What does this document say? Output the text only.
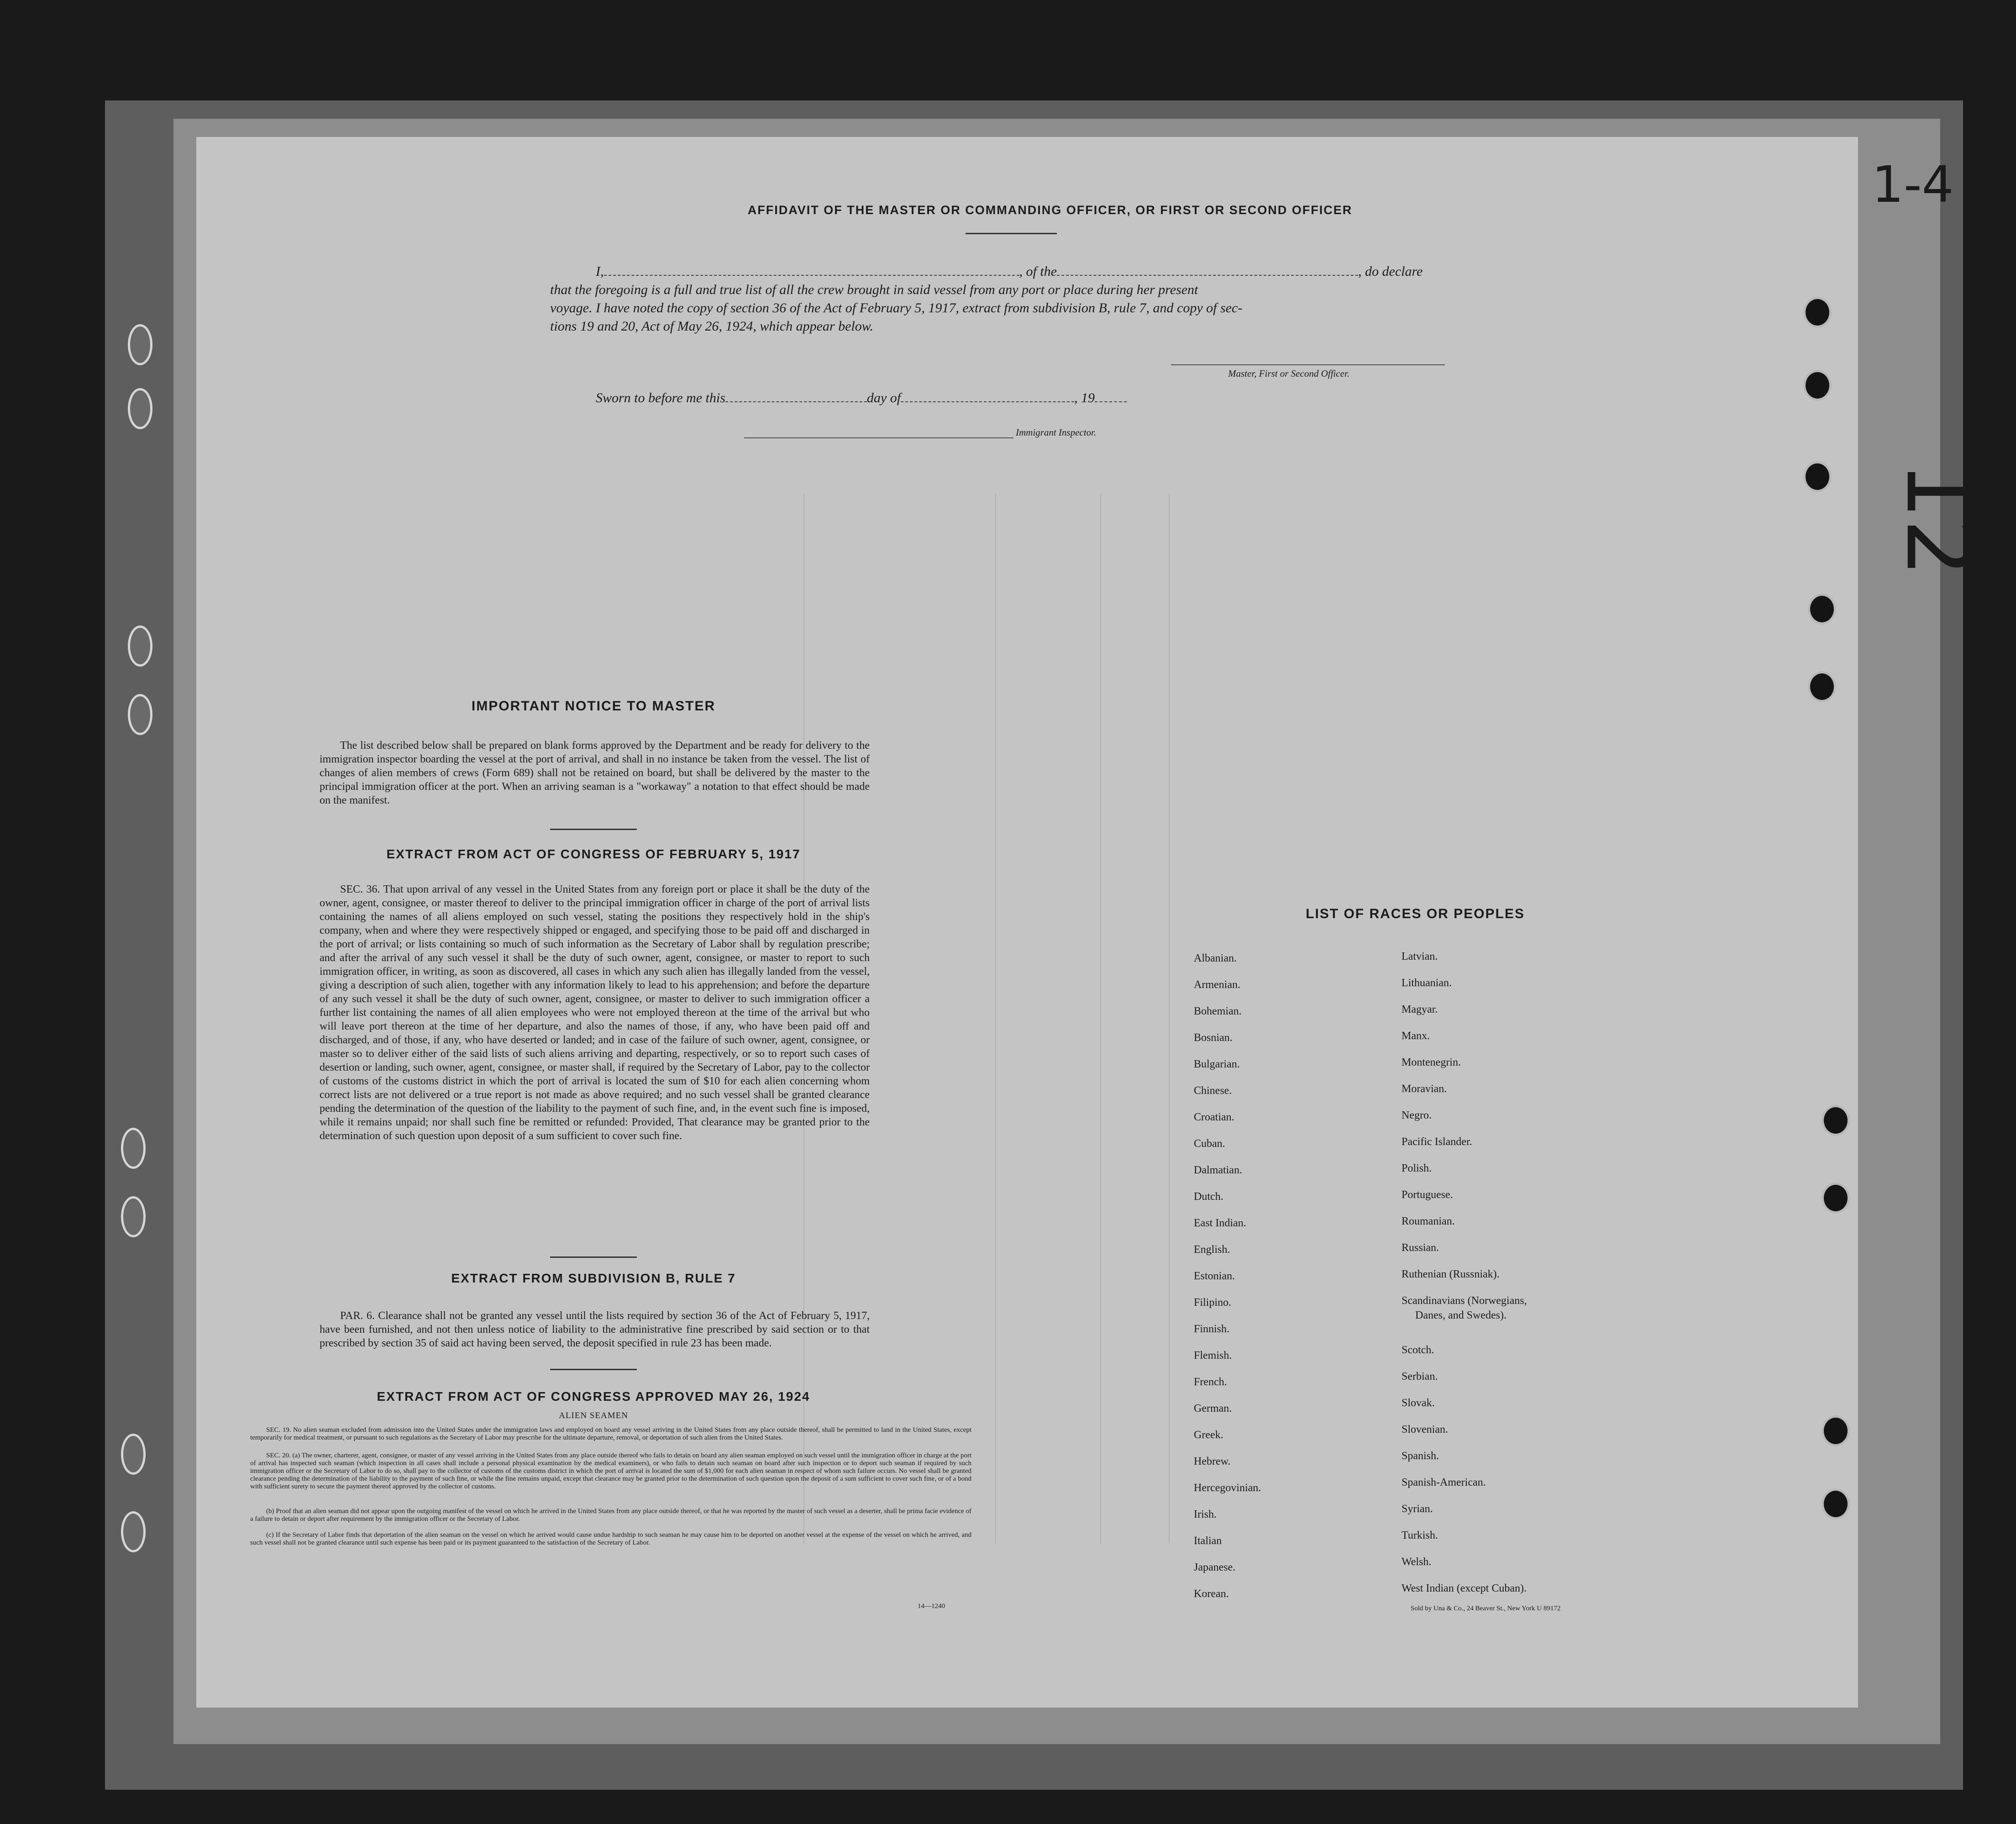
1-4
12
AFFIDAVIT OF THE MASTER OR COMMANDING OFFICER, OR FIRST OR SECOND OFFICER
I,	, of the	, do declare
that the foregoing is a full and true list of all the crew brought in said vessel from any port or place during her present
voyage. I have noted the copy of section 36 of the Act of February 5, 1917, extract from subdivision B, rule 7, and copy of sec-
tions 19 and 20, Act of May 26, 1924, which appear below.
Master, First or Second Officer.
Sworn to before me this	day of	, 19
Immigrant Inspector.
IMPORTANT NOTICE TO MASTER
The list described below shall be prepared on blank forms approved by the Department and be ready for delivery to the immigration inspector boarding the vessel at the port of arrival, and shall in no instance be taken from the vessel. The list of changes of alien members of crews (Form 689) shall not be retained on board, but shall be delivered by the master to the principal immigration officer at the port. When an arriving seaman is a "workaway" a notation to that effect should be made on the manifest.
EXTRACT FROM ACT OF CONGRESS OF FEBRUARY 5, 1917
SEC. 36. That upon arrival of any vessel in the United States from any foreign port or place it shall be the duty of the owner, agent, consignee, or master thereof to deliver to the principal immigration officer in charge of the port of arrival lists containing the names of all aliens employed on such vessel, stating the positions they respectively hold in the ship's company, when and where they were respectively shipped or engaged, and specifying those to be paid off and discharged in the port of arrival; or lists containing so much of such information as the Secretary of Labor shall by regulation prescribe; and after the arrival of any such vessel it shall be the duty of such owner, agent, consignee, or master to report to such immigration officer, in writing, as soon as discovered, all cases in which any such alien has illegally landed from the vessel, giving a description of such alien, together with any information likely to lead to his apprehension; and before the departure of any such vessel it shall be the duty of such owner, agent, consignee, or master to deliver to such immigration officer a further list containing the names of all alien employees who were not employed thereon at the time of the arrival but who will leave port thereon at the time of her departure, and also the names of those, if any, who have been paid off and discharged, and of those, if any, who have deserted or landed; and in case of the failure of such owner, agent, consignee, or master so to deliver either of the said lists of such aliens arriving and departing, respectively, or so to report such cases of desertion or landing, such owner, agent, consignee, or master shall, if required by the Secretary of Labor, pay to the collector of customs of the customs district in which the port of arrival is located the sum of $10 for each alien concerning whom correct lists are not delivered or a true report is not made as above required; and no such vessel shall be granted clearance pending the determination of the question of the liability to the payment of such fine, and, in the event such fine is imposed, while it remains unpaid; nor shall such fine be remitted or refunded: Provided, That clearance may be granted prior to the determination of such question upon deposit of a sum sufficient to cover such fine.
EXTRACT FROM SUBDIVISION B, RULE 7
PAR. 6. Clearance shall not be granted any vessel until the lists required by section 36 of the Act of February 5, 1917, have been furnished, and not then unless notice of liability to the administrative fine prescribed by said section or to that prescribed by section 35 of said act having been served, the deposit specified in rule 23 has been made.
EXTRACT FROM ACT OF CONGRESS APPROVED MAY 26, 1924
ALIEN SEAMEN
SEC. 19. No alien seaman excluded from admission into the United States under the immigration laws and employed on board any vessel arriving in the United States from any place outside thereof, shall be permitted to land in the United States, except temporarily for medical treatment, or pursuant to such regulations as the Secretary of Labor may prescribe for the ultimate departure, removal, or deportation of such alien from the United States.
SEC. 20. (a) The owner, charterer, agent, consignee, or master of any vessel arriving in the United States from any place outside thereof who fails to detain on board any alien seaman employed on such vessel until the immigration officer in charge at the port of arrival has inspected such seaman (which inspection in all cases shall include a personal physical examination by the medical examiners), or who fails to detain such seaman on board after such inspection or to deport such seaman if required by such immigration officer or the Secretary of Labor to do so, shall pay to the collector of customs of the customs district in which the port of arrival is located the sum of $1,000 for each alien seaman in respect of whom such failure occurs. No vessel shall be granted clearance pending the determination of the liability to the payment of such fine, or while the fine remains unpaid, except that clearance may be granted prior to the determination of such question upon the deposit of a sum sufficient to cover such fine, or of a bond with sufficient surety to secure the payment thereof approved by the collector of customs.
(b) Proof that an alien seaman did not appear upon the outgoing manifest of the vessel on which he arrived in the United States from any place outside thereof, or that he was reported by the master of such vessel as a deserter, shall be prima facie evidence of a failure to detain or deport after requirement by the immigration officer or the Secretary of Labor.
(c) If the Secretary of Labor finds that deportation of the alien seaman on the vessel on which he arrived would cause undue hardship to such seaman he may cause him to be deported on another vessel at the expense of the vessel on which he arrived, and such vessel shall not be granted clearance until such expense has been paid or its payment guaranteed to the satisfaction of the Secretary of Labor.
14—1240
LIST OF RACES OR PEOPLES
Albanian.
Armenian.
Bohemian.
Bosnian.
Bulgarian.
Chinese.
Croatian.
Cuban.
Dalmatian.
Dutch.
East Indian.
English.
Estonian.
Filipino.
Finnish.
Flemish.
French.
German.
Greek.
Hebrew.
Hercegovinian.
Irish.
Italian
Japanese.
Korean.
Latvian.
Lithuanian.
Magyar.
Manx.
Montenegrin.
Moravian.
Negro.
Pacific Islander.
Polish.
Portuguese.
Roumanian.
Russian.
Ruthenian (Russniak).
Scandinavians (Norwegians,
Danes, and Swedes).
Scotch.
Serbian.
Slovak.
Slovenian.
Spanish.
Spanish-American.
Syrian.
Turkish.
Welsh.
West Indian (except Cuban).
Sold by Una & Co., 24 Beaver St., New York U 89172
